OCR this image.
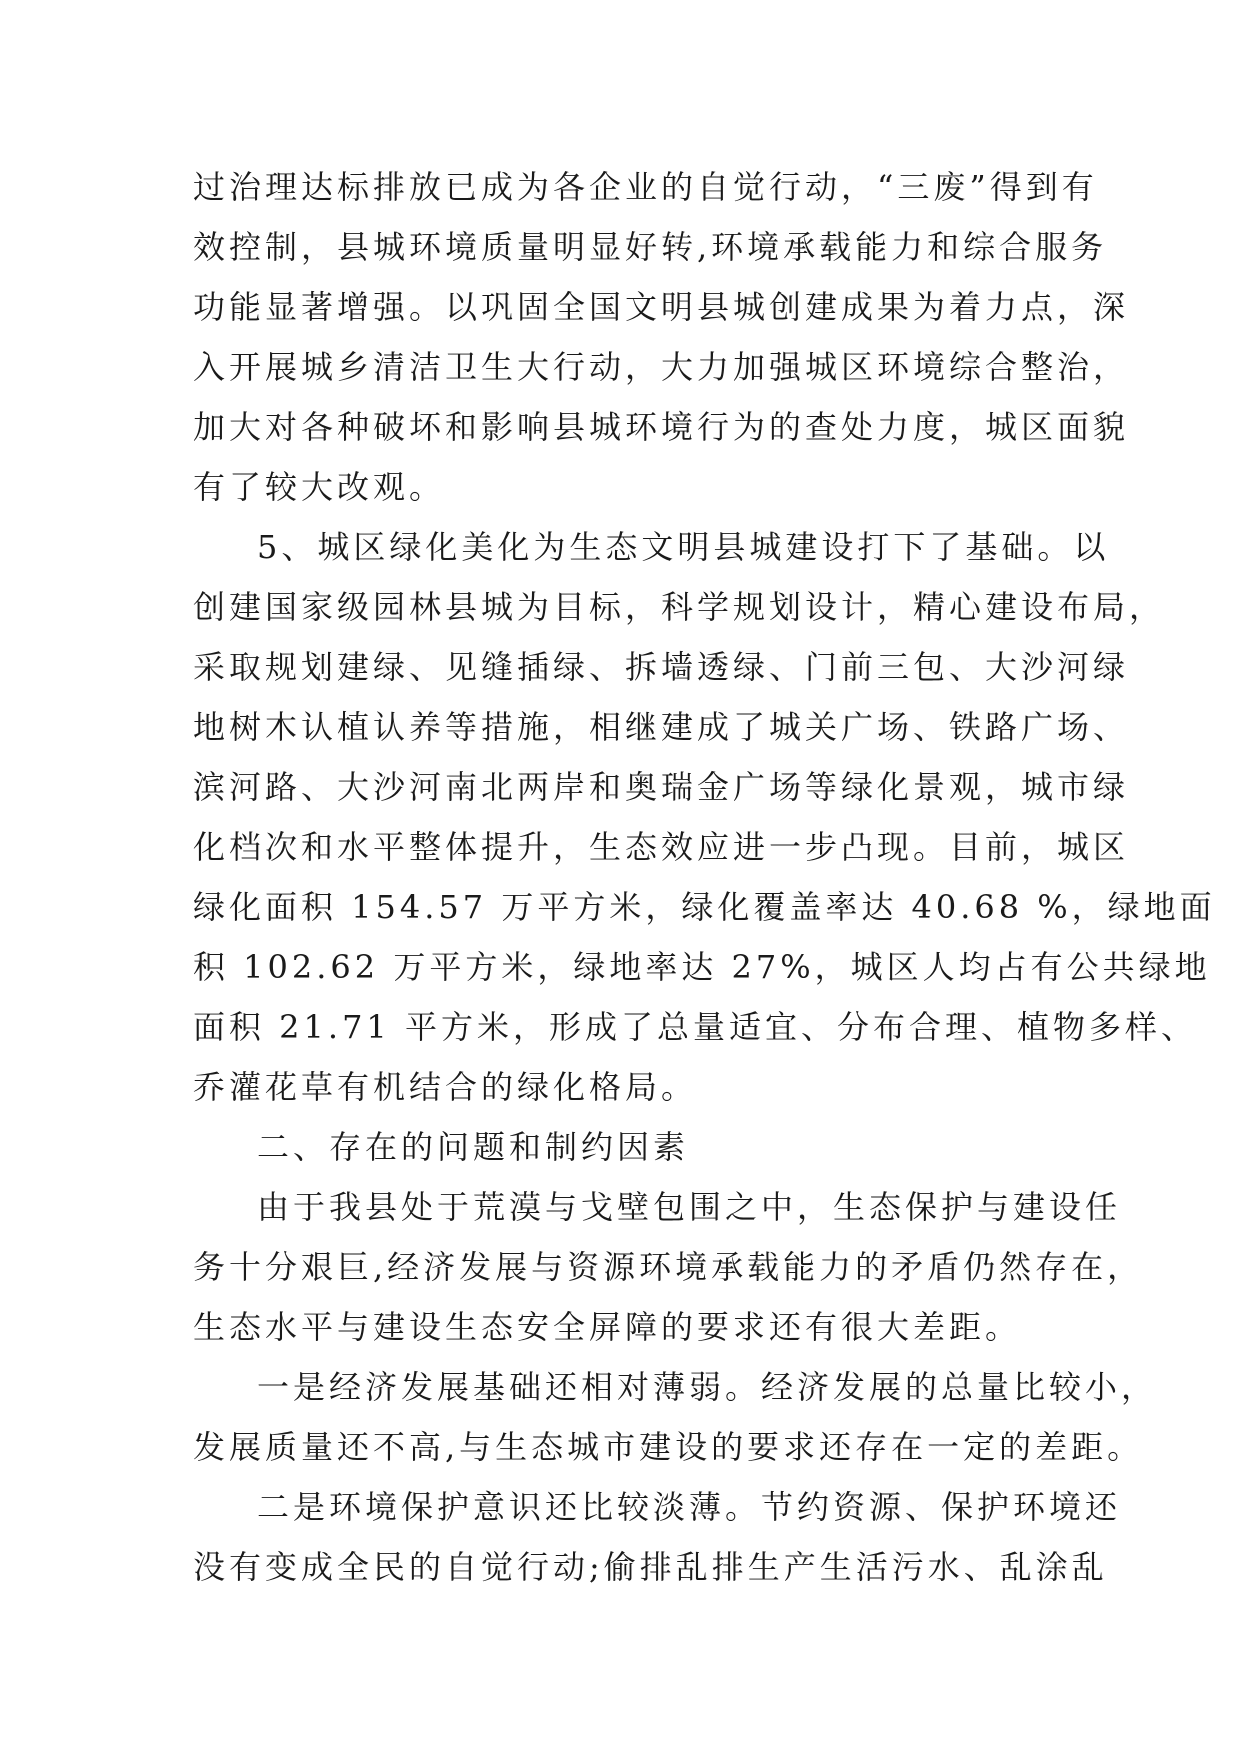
过治理达标排放已成为各企业的自觉行动，“三废”得到有
效控制，县城环境质量明显好转,环境承载能力和综合服务
功能显著增强。以巩固全国文明县城创建成果为着力点，深
入开展城乡清洁卫生大行动，大力加强城区环境综合整治，
加大对各种破坏和影响县城环境行为的查处力度，城区面貌
有了较大改观。
5、城区绿化美化为生态文明县城建设打下了基础。以
创建国家级园林县城为目标，科学规划设计，精心建设布局，
采取规划建绿、见缝插绿、拆墙透绿、门前三包、大沙河绿
地树木认植认养等措施，相继建成了城关广场、铁路广场、
滨河路、大沙河南北两岸和奥瑞金广场等绿化景观，城市绿
化档次和水平整体提升，生态效应进一步凸现。目前，城区
绿化面积 154.57 万平方米，绿化覆盖率达 40.68 %，绿地面
积 102.62 万平方米，绿地率达 27%，城区人均占有公共绿地
面积 21.71 平方米，形成了总量适宜、分布合理、植物多样、
乔灌花草有机结合的绿化格局。
二、存在的问题和制约因素
由于我县处于荒漠与戈壁包围之中，生态保护与建设任
务十分艰巨,经济发展与资源环境承载能力的矛盾仍然存在，
生态水平与建设生态安全屏障的要求还有很大差距。
一是经济发展基础还相对薄弱。经济发展的总量比较小，
发展质量还不高,与生态城市建设的要求还存在一定的差距。
二是环境保护意识还比较淡薄。节约资源、保护环境还
没有变成全民的自觉行动;偷排乱排生产生活污水、乱涂乱
